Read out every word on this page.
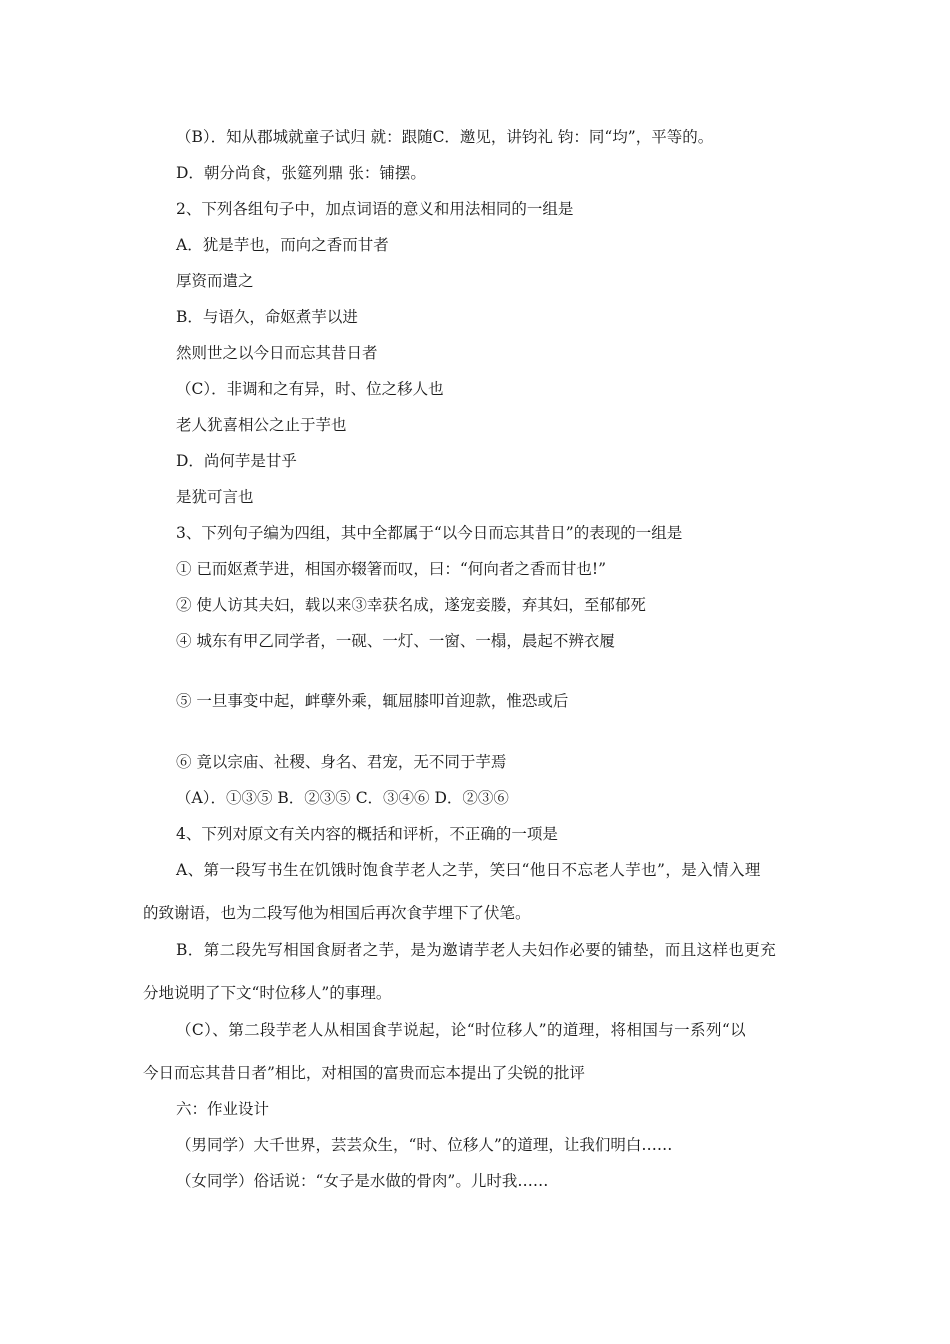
（B）．知从郡城就童子试归 就：跟随C．邀见，讲钧礼 钧：同“均”，平等的。
D．朝分尚食，张筵列鼎 张：铺摆。
2、下列各组句子中，加点词语的意义和用法相同的一组是
A．犹是芋也，而向之香而甘者
厚资而遣之
B．与语久，命妪煮芋以进
然则世之以今日而忘其昔日者
（C）．非调和之有异，时、位之移人也
老人犹喜相公之止于芋也
D．尚何芋是甘乎
是犹可言也
3、下列句子编为四组，其中全都属于“以今日而忘其昔日”的表现的一组是
① 已而妪煮芋进，相国亦辍箸而叹，曰：“何向者之香而甘也!”
② 使人访其夫妇，载以来③幸获名成，遂宠妾媵，弃其妇，至郁郁死
④ 城东有甲乙同学者，一砚、一灯、一窗、一榻，晨起不辨衣履
⑤ 一旦事变中起，衅孽外乘，辄屈膝叩首迎款，惟恐或后
⑥ 竟以宗庙、社稷、身名、君宠，无不同于芋焉
（A）．①③⑤ B．②③⑤ C．③④⑥ D．②③⑥
4、下列对原文有关内容的概括和评析，不正确的一项是
A、第一段写书生在饥饿时饱食芋老人之芋，笑曰“他日不忘老人芋也”，是入情入理
的致谢语，也为二段写他为相国后再次食芋埋下了伏笔。
B．第二段先写相国食厨者之芋，是为邀请芋老人夫妇作必要的铺垫，而且这样也更充
分地说明了下文“时位移人”的事理。
（C）、第二段芋老人从相国食芋说起，论“时位移人”的道理，将相国与一系列“以
今日而忘其昔日者”相比，对相国的富贵而忘本提出了尖锐的批评
六：作业设计
（男同学）大千世界，芸芸众生，“时、位移人”的道理，让我们明白……
（女同学）俗话说：“女子是水做的骨肉”。儿时我……
